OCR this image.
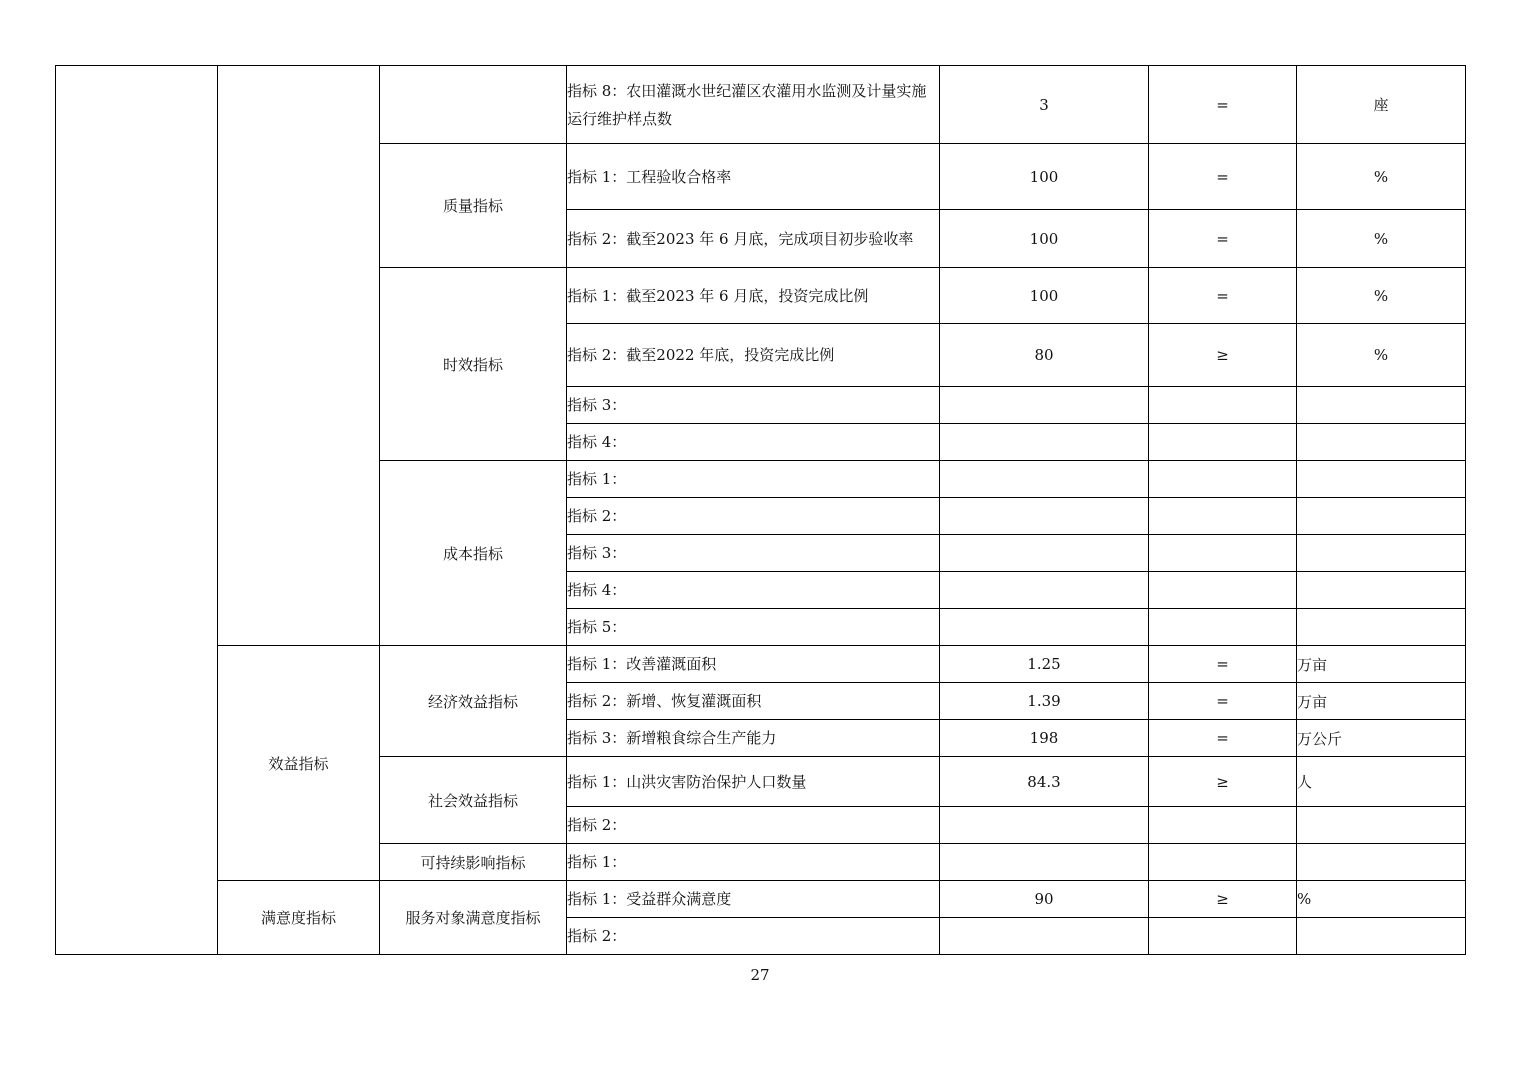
			指标 8：农田灌溉水世纪灌区农灌用水监测及计量实施运行维护样点数	3	=	座
		质量指标	指标 1：工程验收合格率	100	=	%
			指标 2：截至2023 年 6 月底，完成项目初步验收率	100	=	%
		时效指标	指标 1：截至2023 年 6 月底，投资完成比例	100	=	%
			指标 2：截至2022 年底，投资完成比例	80	≥	%
			指标 3：			
			指标 4：			
		成本指标	指标 1：			
			指标 2：			
			指标 3：			
			指标 4：			
			指标 5：			
	效益指标	经济效益指标	指标 1：改善灌溉面积	1.25	=	万亩
			指标 2：新增、恢复灌溉面积	1.39	=	万亩
			指标 3：新增粮食综合生产能力	198	=	万公斤
		社会效益指标	指标 1：山洪灾害防治保护人口数量	84.3	≥	人
			指标 2：			
		可持续影响指标	指标 1：			
	满意度指标	服务对象满意度指标	指标 1：受益群众满意度	90	≥	%
			指标 2：			
27
